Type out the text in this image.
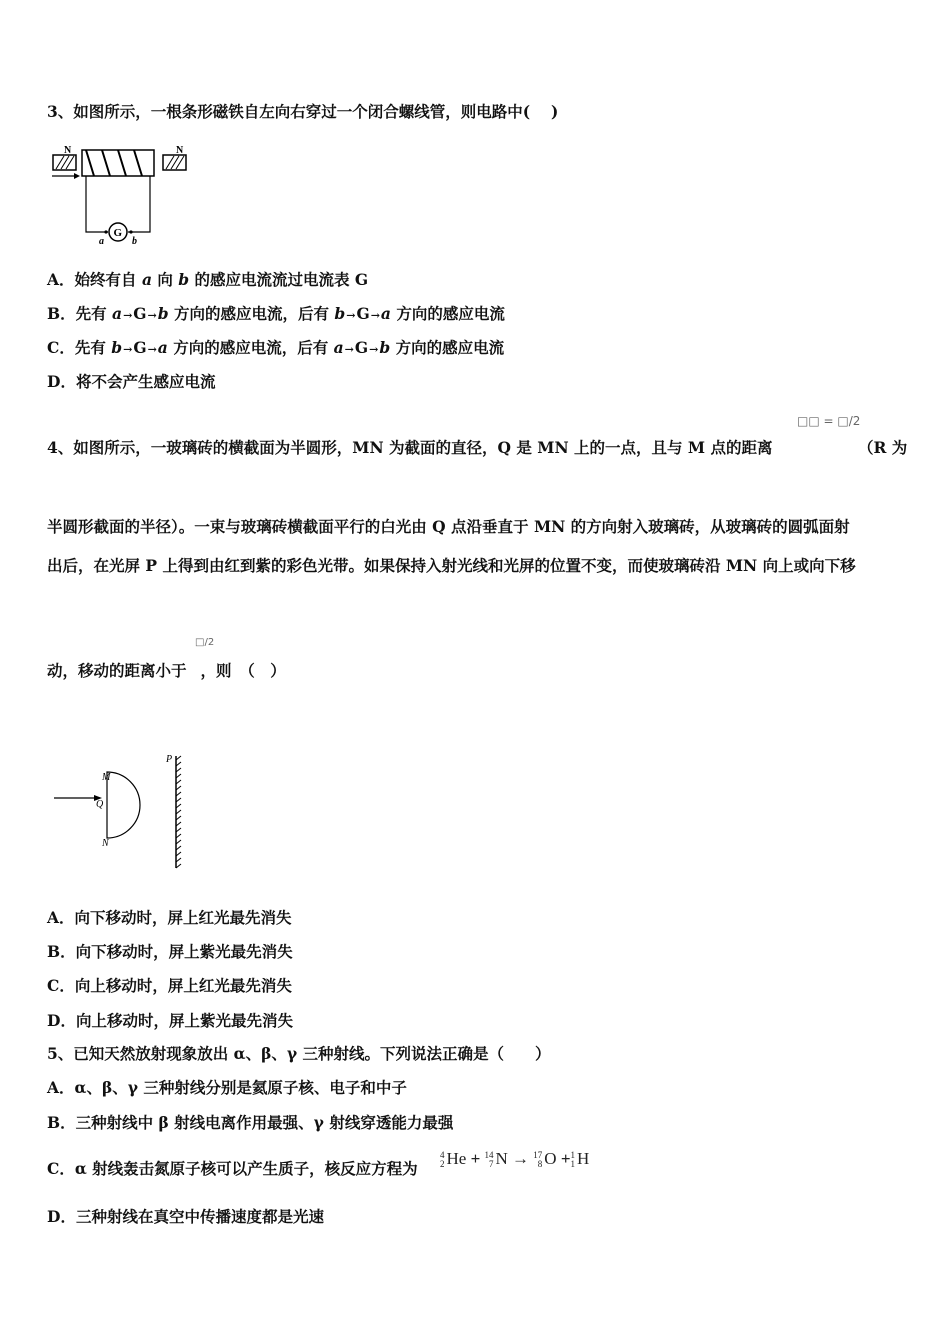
3、如图所示，一根条形磁铁自左向右穿过一个闭合螺线管，则电路中(　 )
N	N
G
a	b
A．始终有自 a 向 b 的感应电流流过电流表 G
B．先有 a→G→b 方向的感应电流，后有 b→G→a 方向的感应电流
C．先有 b→G→a 方向的感应电流，后有 a→G→b 方向的感应电流
D．将不会产生感应电流
□□ = □/2
4、如图所示，一玻璃砖的横截面为半圆形，MN 为截面的直径，Q 是 MN 上的一点，且与 M 点的距离	（R 为
半圆形截面的半径）。一束与玻璃砖横截面平行的白光由 Q 点沿垂直于 MN 的方向射入玻璃砖，从玻璃砖的圆弧面射
出后，在光屏 P 上得到由红到紫的彩色光带。如果保持入射光线和光屏的位置不变，而使玻璃砖沿 MN 向上或向下移
□/2
动，移动的距离小于 ，则　（　）
M
Q
N
P
A．向下移动时，屏上红光最先消失
B．向下移动时，屏上紫光最先消失
C．向上移动时，屏上红光最先消失
D．向上移动时，屏上紫光最先消失
5、已知天然放射现象放出 α、β、γ 三种射线。下列说法正确是（　　）
A．α、β、γ 三种射线分别是氦原子核、电子和中子
B．三种射线中 β 射线电离作用最强、γ 射线穿透能力最强
C．α 射线轰击氮原子核可以产生质子，核反应方程为
4
2 He + 14
7 N → 17
8 O +1
1 H
D．三种射线在真空中传播速度都是光速
